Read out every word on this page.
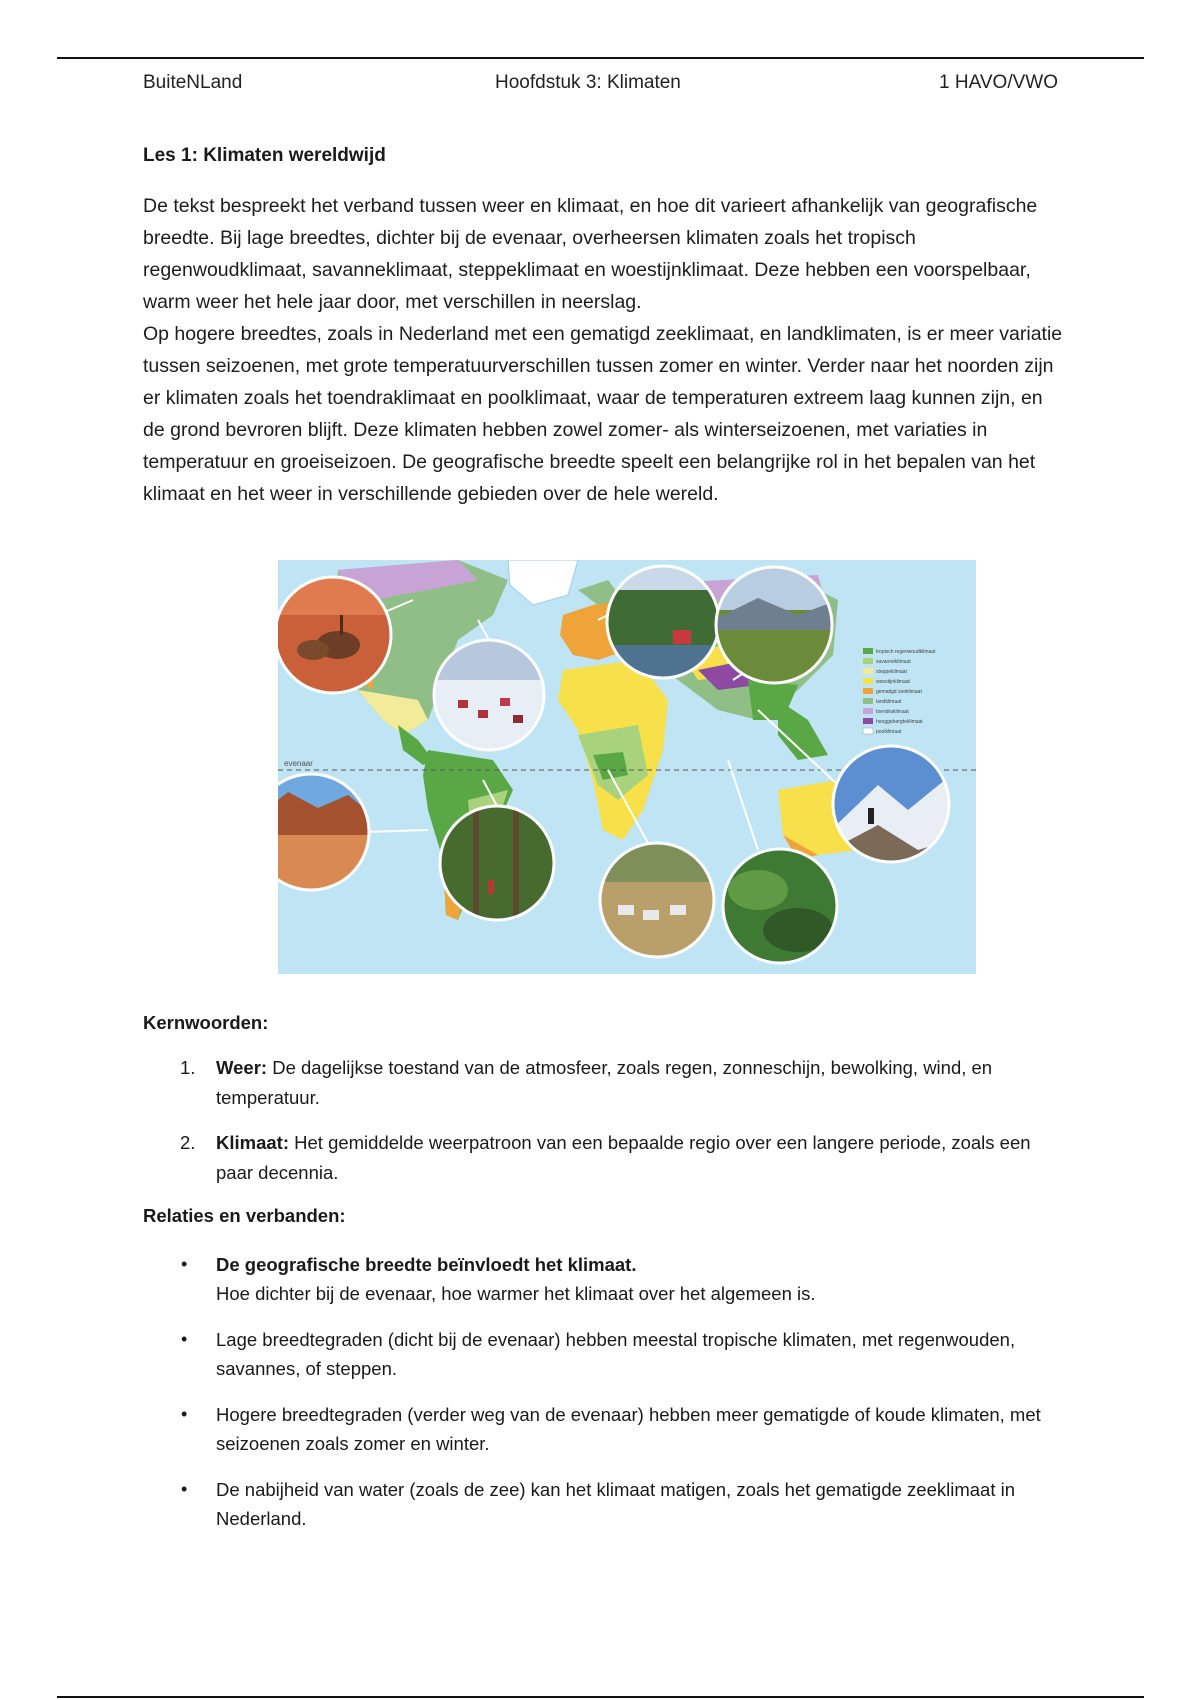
BuiteNLand	Hoofdstuk 3: Klimaten	1 HAVO/VWO
Les 1: Klimaten wereldwijd

De tekst bespreekt het verband tussen weer en klimaat, en hoe dit varieert afhankelijk van geografische breedte. Bij lage breedtes, dichter bij de evenaar, overheersen klimaten zoals het tropisch regenwoudklimaat, savanneklimaat, steppeklimaat en woestijnklimaat. Deze hebben een voorspelbaar, warm weer het hele jaar door, met verschillen in neerslag.

Op hogere breedtes, zoals in Nederland met een gematigd zeeklimaat, en landklimaten, is er meer variatie tussen seizoenen, met grote temperatuurverschillen tussen zomer en winter. Verder naar het noorden zijn er klimaten zoals het toendraklimaat en poolklimaat, waar de temperaturen extreem laag kunnen zijn, en de grond bevroren blijft. Deze klimaten hebben zowel zomer- als winterseizoenen, met variaties in temperatuur en groeiseizoen. De geografische breedte speelt een belangrijke rol in het bepalen van het klimaat en het weer in verschillende gebieden over de hele wereld.

evenaar
tropisch regenwoudklimaat
savanneklimaat
steppeklimaat
woestijnklimaat
gematigd zeeklimaat
landklimaat
toendraklimaat
hooggebergteklimaat
poolklimaat
Kernwoorden:
1. Weer: De dagelijkse toestand van de atmosfeer, zoals regen, zonneschijn, bewolking, wind, en temperatuur.
2. Klimaat: Het gemiddelde weerpatroon van een bepaalde regio over een langere periode, zoals een paar decennia.
Relaties en verbanden:
• De geografische breedte beïnvloedt het klimaat.
Hoe dichter bij de evenaar, hoe warmer het klimaat over het algemeen is.
• Lage breedtegraden (dicht bij de evenaar) hebben meestal tropische klimaten, met regenwouden, savannes, of steppen.
• Hogere breedtegraden (verder weg van de evenaar) hebben meer gematigde of koude klimaten, met seizoenen zoals zomer en winter.
• De nabijheid van water (zoals de zee) kan het klimaat matigen, zoals het gematigde zeeklimaat in Nederland.
